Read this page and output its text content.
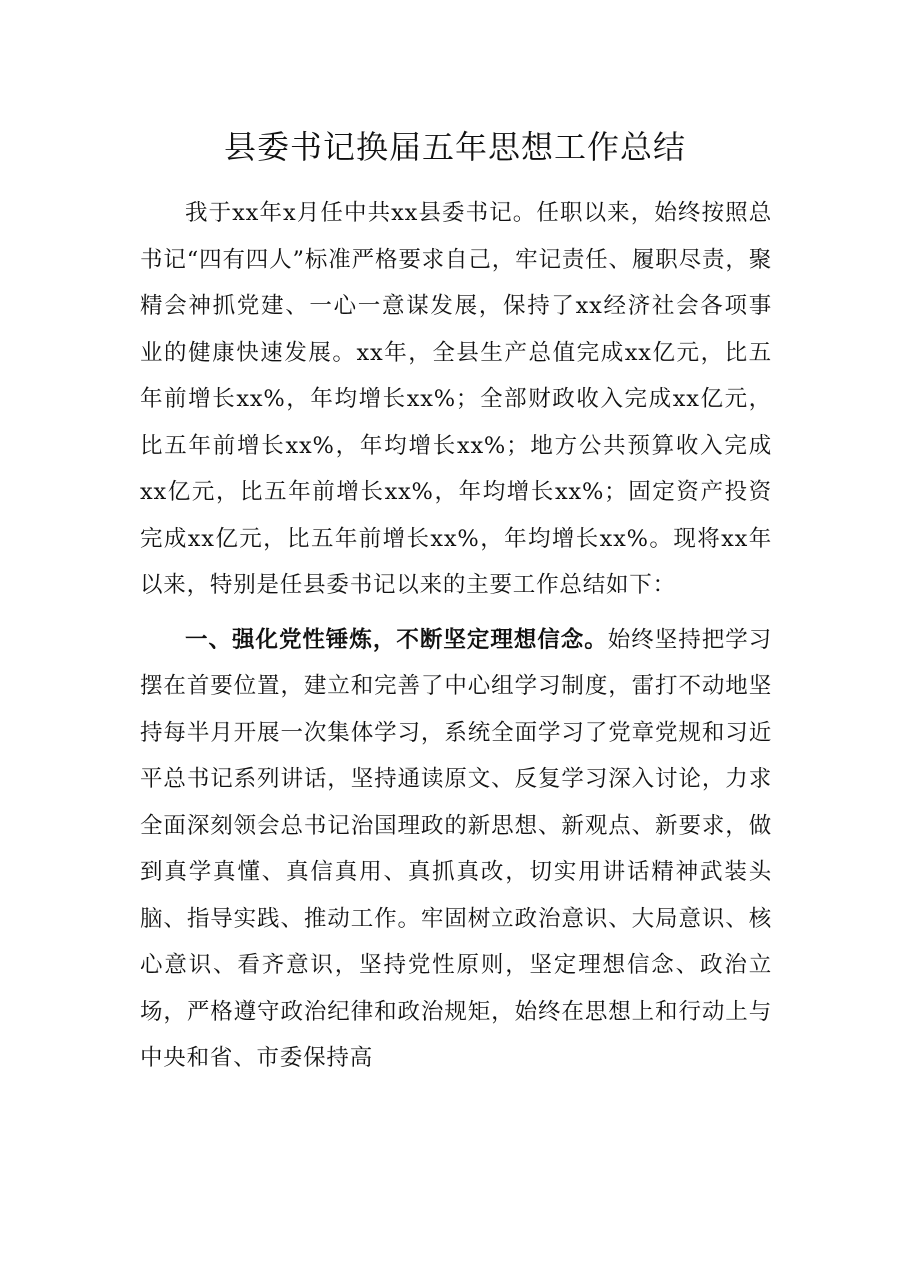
县委书记换届五年思想工作总结

我于xx年x月任中共xx县委书记。任职以来，始终按照总书记“四有四人”标准严格要求自己，牢记责任、履职尽责，聚精会神抓党建、一心一意谋发展，保持了xx经济社会各项事业的健康快速发展。xx年，全县生产总值完成xx亿元，比五年前增长xx%，年均增长xx%；全部财政收入完成xx亿元，比五年前增长xx%，年均增长xx%；地方公共预算收入完成xx亿元，比五年前增长xx%，年均增长xx%；固定资产投资完成xx亿元，比五年前增长xx%，年均增长xx%。现将xx年以来，特别是任县委书记以来的主要工作总结如下：

一、强化党性锤炼，不断坚定理想信念。始终坚持把学习摆在首要位置，建立和完善了中心组学习制度，雷打不动地坚持每半月开展一次集体学习，系统全面学习了党章党规和习近平总书记系列讲话，坚持通读原文、反复学习深入讨论，力求全面深刻领会总书记治国理政的新思想、新观点、新要求，做到真学真懂、真信真用、真抓真改，切实用讲话精神武装头脑、指导实践、推动工作。牢固树立政治意识、大局意识、核心意识、看齐意识，坚持党性原则，坚定理想信念、政治立场，严格遵守政治纪律和政治规矩，始终在思想上和行动上与中央和省、市委保持高
